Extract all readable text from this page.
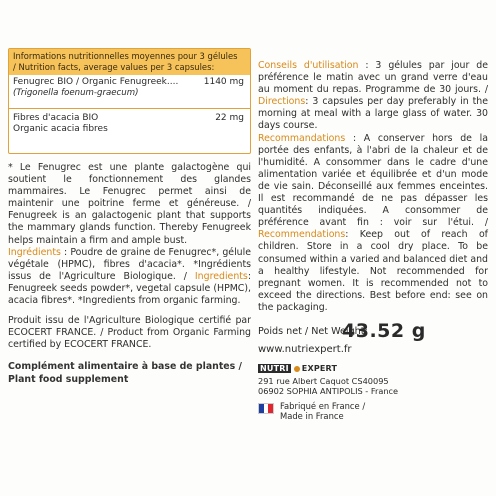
Informations nutritionnelles moyennes pour 3 gélules
/ Nutrition facts, average values per 3 capsules:
Fenugrec BIO / Organic Fenugreek....	1140 mg
(Trigonella foenum-graecum)
Fibres d'acacia BIO	22 mg
Organic acacia fibres
* Le Fenugrec est une plante galactogène qui soutient le fonctionnement des glandes mammaires. Le Fenugrec permet ainsi de maintenir une poitrine ferme et généreuse. / Fenugreek is an galactogenic plant that supports the mammary glands function. Thereby Fenugreek helps maintain a firm and ample bust.
Ingrédients : Poudre de graine de Fenugrec*, gélule végétale (HPMC), fibres d'acacia*. *Ingrédients issus de l'Agriculture Biologique. / Ingredients: Fenugreek seeds powder*, vegetal capsule (HPMC), acacia fibres*. *Ingredients from organic farming.
Produit issu de l'Agriculture Biologique certifié par ECOCERT FRANCE. / Product from Organic Farming certified by ECOCERT FRANCE.
Complément alimentaire à base de plantes / Plant food supplement
Conseils d'utilisation : 3 gélules par jour de préférence le matin avec un grand verre d'eau au moment du repas. Programme de 30 jours. / Directions: 3 capsules per day preferably in the morning at meal with a large glass of water. 30 days course.
Recommandations : A conserver hors de la portée des enfants, à l'abri de la chaleur et de l'humidité. A consommer dans le cadre d'une alimentation variée et équilibrée et d'un mode de vie sain. Déconseillé aux femmes enceintes. Il est recommandé de ne pas dépasser les quantités indiquées. A consommer de préférence avant fin : voir sur l'étui. / Recommendations: Keep out of reach of children. Store in a cool dry place. To be consumed within a varied and balanced diet and a healthy lifestyle. Not recommended for pregnant women. It is recommended not to exceed the directions. Best before end: see on the packaging.
Poids net / Net Weight:
43.52 g
www.nutriexpert.fr
NUTRI EXPERT
291 rue Albert Caquot CS40095
06902 SOPHIA ANTIPOLIS - France
Fabriqué en France /
Made in France
